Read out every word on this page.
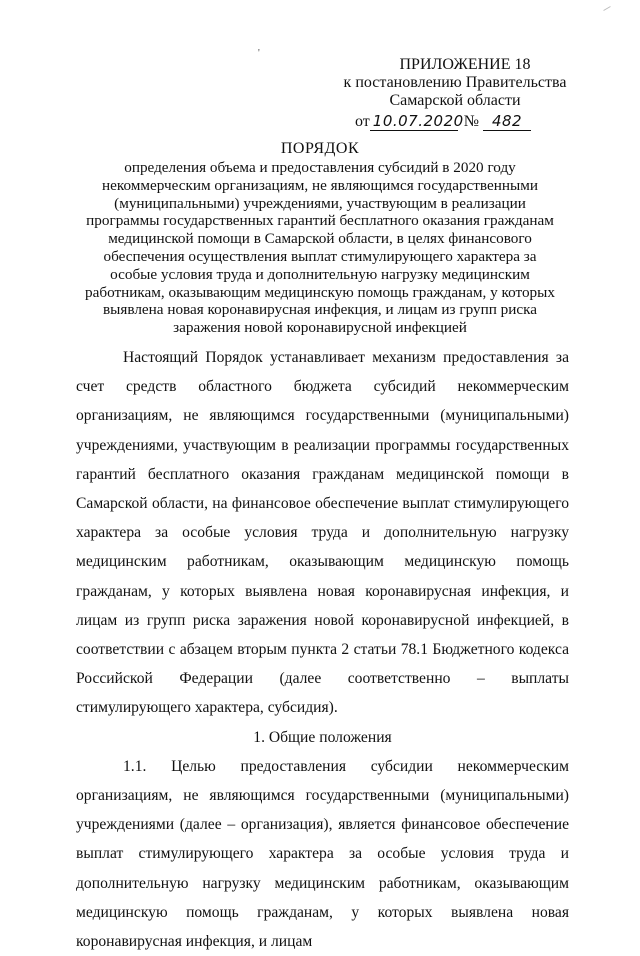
'
ПРИЛОЖЕНИЕ 18
к постановлению Правительства
Самарской области
от 10.07.2020№ 482
ПОРЯДОК

определения объема и предоставления субсидий в 2020 году некоммерческим организациям, не являющимся государственными (муниципальными) учреждениями, участвующим в реализации программы государственных гарантий бесплатного оказания гражданам медицинской помощи в Самарской области, в целях финансового обеспечения осуществления выплат стимулирующего характера за особые условия труда и дополнительную нагрузку медицинским работникам, оказывающим медицинскую помощь гражданам, у которых выявлена новая коронавирусная инфекция, и лицам из групп риска заражения новой коронавирусной инфекцией

Настоящий Порядок устанавливает механизм предоставления за счет средств областного бюджета субсидий некоммерческим организациям, не являющимся государственными (муниципальными) учреждениями, участвующим в реализации программы государственных гарантий бесплатного оказания гражданам медицинской помощи в Самарской области, на финансовое обеспечение выплат стимулирующего характера за особые условия труда и дополнительную нагрузку медицинским работникам, оказывающим медицинскую помощь гражданам, у которых выявлена новая коронавирусная инфекция, и лицам из групп риска заражения новой коронавирусной инфекцией, в соответствии с абзацем вторым пункта 2 статьи 78.1 Бюджетного кодекса Российской Федерации (далее соответственно – выплаты стимулирующего характера, субсидия).

1. Общие положения

1.1. Целью предоставления субсидии некоммерческим организациям, не являющимся государственными (муниципальными) учреждениями (далее – организация), является финансовое обеспечение выплат стимулирующего характера за особые условия труда и дополнительную нагрузку медицинским работникам, оказывающим медицинскую помощь гражданам, у которых выявлена новая коронавирусная инфекция, и лицам
